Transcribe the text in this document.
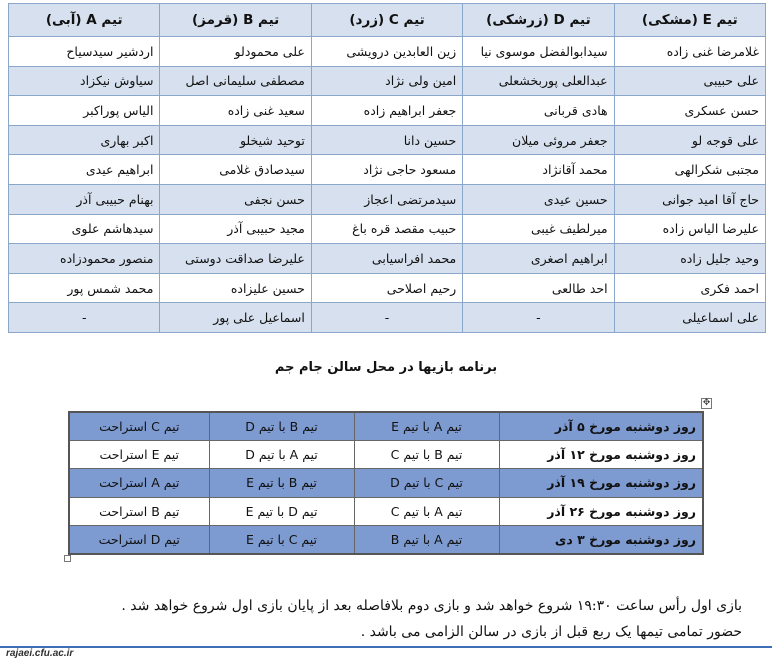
تیم E (مشکی)	تیم D (زرشکی)	تیم C (زرد)	تیم B (قرمز)	تیم A (آبی)
غلامرضا غنی زاده	سیدابوالفضل موسوی نیا	زین العابدین درویشی	علی محمودلو	اردشیر سیدسیاح
علی حبیبی	عبدالعلی پوربخشعلی	امین ولی نژاد	مصطفی سلیمانی اصل	سیاوش نیکزاد
حسن عسکری	هادی قربانی	جعفر ابراهیم زاده	سعید غنی زاده	الیاس پوراکبر
علی قوجه لو	جعفر مروئی میلان	حسین دانا	توحید شیخلو	اکبر بهاری
مجتبی شکرالهی	محمد آقانژاد	مسعود حاجی نژاد	سیدصادق غلامی	ابراهیم عیدی
حاج آقا امید جوانی	حسین عیدی	سیدمرتضی اعجاز	حسن نجفی	بهنام حبیبی آذر
علیرضا الیاس زاده	میرلطیف غیبی	حبیب مقصد قره باغ	مجید حبیبی آذر	سیدهاشم علوی
وحید جلیل زاده	ابراهیم اصغری	محمد افراسیابی	علیرضا صداقت دوستی	منصور محمودزاده
احمد فکری	احد طالعی	رحیم اصلاحی	حسین علیزاده	محمد شمس پور
علی اسماعیلی	-	-	اسماعیل علی پور	-
برنامه بازیها در محل سالن جام جم
✥
روز دوشنبه مورخ ۵ آذر	تیم A با تیم E	تیم B با تیم D	تیم C استراحت
روز دوشنبه مورخ ۱۲ آذر	تیم B با تیم C	تیم A با تیم D	تیم E استراحت
روز دوشنبه مورخ ۱۹ آذر	تیم C با تیم D	تیم B با تیم E	تیم A استراحت
روز دوشنبه مورخ ۲۶ آذر	تیم A با تیم C	تیم D با تیم E	تیم B استراحت
روز دوشنبه مورخ ۳ دی	تیم A با تیم B	تیم C با تیم E	تیم D استراحت
بازی اول رأس ساعت ۱۹:۳۰ شروع خواهد شد و بازی دوم بلافاصله بعد از پایان بازی اول شروع خواهد شد .
حضور تمامی تیمها یک ربع قبل از بازی در سالن الزامی می باشد .
rajaei.cfu.ac.ir
